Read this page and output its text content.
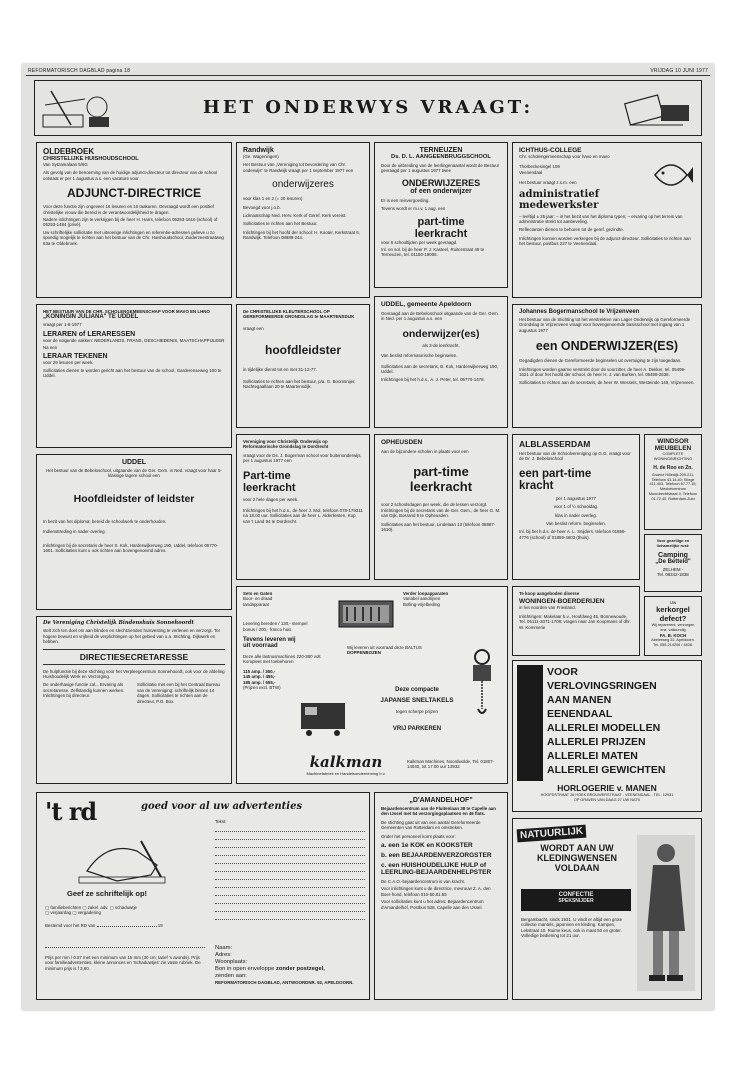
REFORMATORISCH DAGBLAD pagina 18	VRIJDAG 10 JUNI 1977
HET ONDERWYS VRAAGT:
OLDEBROEK
CHRISTELIJKE HUISHOUDSCHOOL
Van Sytzamalaan 5/6G

Als gevolg van de benoeming van de huidige adjunct-directeur tot directeur van de school ontstaat er per 1 augustus a.s. een vacature voor

ADJUNCT-DIRECTRICE

Voor deze functie zijn ongeveer 16 lesuren en 10 taakuren. Gevraagd wordt een positief christelijke vrouw die bereid is de verantwoordelijkheid te dragen.

Nadere inlichtingen zijn te verkrijgen bij de heer H. Harrs, telefoon 05253-1616 (school) of 05253-1484 (privé).

Uw schriftelijke sollicitatie met uitvoerige inlichtingen en referentie-adressen gelieve u zo spoedig mogelijk te richten aan het bestuur van de Chr. Huishoudschool, Zuiderzeestraatweg 63a te Oldebroek.

HET BESTUUR VAN DE CHR. SCHOLENGEMEENSCHAP VOOR MAVO EN LHNO
„KONINGIN JULIANA" TE UDDEL
vraagt per 1-8-1977
LERAREN of LERARESSEN

voor de volgende vakken: NEDERLANDS, FRANS, GESCHIEDENIS, MAATSCHAPPIJLEER

Na een
LERAAR TEKENEN

voor 29 lesuren per week.

Sollicitaties dienen te worden gericht aan het bestuur van de school, Garderenseweg 100 te Uddel.

UDDEL

Het bestuur van de Bebeloschool, uitgaande van de Ger. Gem. in Ned. vraagt voor haar 5-klassige lagere school een

Hoofdleidster of leidster

In bezit van het diploma; bereid de schoolwerk te onderhouden.

Indiensttreding in nader overleg.

Inlichtingen bij de secretaris de heer S. Kok, Harderwijkerweg 190, Uddel, telefoon 05770-1601. Sollicitaties kunt u ook richten aan bovengenoemd adres.

De Vereniging Christelijk Bindenshuis Sonnehoordt

stelt zich ten doel om aan blinden en slechtzienden huisvesting te verlenen en verzorgt. Ter hogere bewust en vrijheid de verplichtingen op het gebied van o.a. Stichting, Dijkwerk en hebben.

DIRECTIESECRETARESSE

De hulpfunctie bij deze stichting voor het Verpleegcentrum Sonnehoordt, ook voor de afdeling Huishoudelijk Werk en Verzorging.

De onderhavige functie zal... Ervaring als secretaresse. Zelfstandig kunnen werken. Inlichtingen bij directeur.

Sollicitatie met een bij het Centraal Bureau van de Vereniging: schriftelijk binnen 14 dagen. Sollicitaties te richten aan de directeur, P.O. Box.

Randwijk
(Ge. Wageningen)

Het Bestuur van „Vereniging tot bevordering van Chr. onderwijs" te Randwijk vraagt per 1 september 1977 een

onderwijzeres

voor klas 1 en 2 (= 20 lesuren)

Bevoegd voor j.o.b.

Lidmaatschap Ned. Herv. Kerk of Geref. Kerk vereist.

Sollicitaties te richten aan het Bestuur.

Inlichtingen bij het hoofd der school: H. Kooter, Kerkstraat 6, Randwijk. Telefoon 08889-244.

De CHRISTELIJKE KLEUTERSCHOOL OP GEREFORMEERDE GRONDSLAG te MAARTENSDIJK
vraagt een
hoofdleidster

in tijdelijke dienst tot en met 31-12-77.

Sollicitaties te richten aan het bestuur, p/a. G. Boomsnijer, Nachtegaallaan 20 te Maartensdijk.

Vereniging voor Christelijk Onderwijs op Reformatorische Grondslag te Dordrecht

vraagt voor de Ds. J. Bogerman school voor buitenonderwijs, per 1 augustus 1977 een

Part-time
leerkracht

voor 2 hele dagen per week.

Inlichtingen bij het h.d.s., de heer J. Mol, telefoon 078-179311 na 18.00 uur. Sollicitaties aan de heer L. Alderliesten, Kop van 't Land 94 te Dordrecht.

TERNEUZEN
Ds. D. L. AANGEENBRUGGSCHOOL

Door de uitbreiding van de leerlingenaantal wordt de Bestuur gevraagd per 1 augustus 1977 twee

ONDERWIJZERES
of een onderwijzer

Er is een reisvergoeding.

Tevens wordt er m.i.v. 1 aug. een

part-time
leerkracht

voor 6 schooltijden per week gevraagd.

Inl. en sol. bij de heer P. J. Kasteel, Ruiterstraat 48 te Terneuzen, tel. 01150-19006.

UDDEL, gemeente Apeldoorn

Gevraagd aan de Bebeloschool uitgaande van de Ger. Gem. in Ned. per 1 augustus a.s. een

onderwijzer(es)

als 3-de leerkracht.

Van beslist reformatorische beginselen.

Sollicitaties aan de secretaris, B. Kok, Harderwijkerweg 190, Uddel.

Inlichtingen bij het h.d.s., A. J. Peter, tel. 05770-1478.

OPHEUSDEN

Aan de bijzondere scholen in plaats voor een

part-time
leerkracht

voor 2 schoolsdagen per week, die de lessen verzorgt. Inlichtingen bij de secretaris van de Ger. Gem., de heer G. M. van Dijk, Bosrand 9 te Opheusden.

Sollicitaties aan het bestuur, Lindelaan 13 (telefoon 08887-1610).

Sets en Gaten
Boor- en draad
tandapparaat
Levering bereden / 130,- stempel
bonus / 200,- franco huis
Tevens leveren wij
uit voorraad
Deze alle lastnusmachines 220-380 volt
Kompleet met toebehoren
115 amp. / 360,-
145 amp. / 455,-
185 amp. / 655,-
(Prijzen excl. BTW)
Verder loopapparaten
Variabel aandrijven
Bolling-vrijelbeding
Wij leveren uit voorraad deze BALTUS
DOPPENBOZEN
Deze compacte
JAPANSE SNELTAKELS
tegen scherpe prijzen
VRIJ PARKEREN
Kalkman Machines, Noordwolde, Tel. 01807-14040, tot 17.00 uur 13932
kalkman
Machinefabriek en Handelsonderneming b.v.
ICHTHUS-COLLEGE
Chr. scholengemeenschap voor havo en mavo
Thorbeckesingel 109
Veenendaal
Het bestuur vraagt z.s.m. een
administratief
medewerkster

– leeftijd ± 25 jaar; – in het bezit van het diploma typen; – ervaring op het terrein van administratie strekt tot aanbeveling.

Reflectanten dienen te behoren tot de geref. gezindte.

Inlichtingen kunnen worden verkregen bij de adjunct-directeur. Sollicitaties te richten aan het bestuur, postbus 227 te Veenendaal.

Johannes Bogermanschool te Vrijzenveen

Het bestuur van de Stichting tot het verstrekken van Lager Onderwijs op Gereformeerde Grondslag te Vrijzenveen vraagt voor bovengenoemde basisschool met ingang van 1 augustus 1977

een ONDERWIJZER(ES)

Gegadigden dienen de Gereformeerde beginselen uit overtuiging te zijn toegedaan.

Inlichtingen worden gaarne verstrekt door de voorzitter, de heer A. Dekker, tel. 05499-1621 of door het hoofd der school, de heer H. J. van Burken, tel. 05499-2638.

Sollicitaties te richten aan de secretaris, de heer W. Wessels, Westeinde 149, Vrijzenveen.

ALBLASSERDAM

Het bestuur van de Schoolvereniging op G.G. vraagt voor de Dr. J. Bebeloschool

een part-time
kracht

per 1 augustus 1977

voor 1 of ½ schooldag.

klas in nader overleg.

Van beslist reform. beginselen.

Inl. bij het h.d.s. de heer A. L. Snijders, telefoon 01859-4776 (school) of 01859-4603 (thuis).

WINDSOR
MEUBELEN
COMPLETE WONINGINRICHTING
H. de Roo en Zn.

Groene Hilledijk 209-211, Telefoon 43.14.40; Slinge 411-403, Telefoon 67.77.15; Meubelcentrum Moordrechtstraat 4, Telefoon 01.72.40, Rotterdam-Zuid

Voor gezellige en lichamelijke rust:
Camping
„De Betteld"
ZELHEM -
Tel. 08342-1838
Te koop aangeboden diverse
WONINGEN-BOERDERIJEN
in het noorden van Friesland.

Inlichtingen: Makelaar b.v., Hoofdweg 45, Bonnewoude, Tel. 05111-2071-1708; vragen naar Jan Koopmans of dhr. W. Kommerie

Uw
kerkorgel
defect?

Wij reparerent, verzorgen enz. vakkundig

FA. B. KOCH

Abelerweg 22, Apeldoorn. Tel. 055-214206 / 4408.

VOOR
VERLOVINGSRINGEN
AAN MANEN
EENENDAAL
ALLERLEI MODELLEN
ALLERLEI PRIJZEN
ALLERLEI MATEN
ALLERLEI GEWICHTEN
HORLOGERIE v. MANEN
HOOFDSTRAAT 26 HOEK BROUWERSTRAAT - VEENENDAAL - TEL. 12931
OP GRAVEN VAN DAAG 27 UW NATS
't rd	goed voor al uw advertenties
Geef ze schriftelijk op!
▢ familieberichten ▢ zakel. adv. ▢ schaduwtje
▢ verjaardag ▢ vergadering
Bestemd voor het RD van	19

Prijs per mm / 0.57 met een minimum van 15 mm (30 cm; tarief 's avonds). Prijs voor familieadvertenties, kleine annonces en 'Schaduwtjes' zie vaste rubriek. De minimum prijs is f 3,60.

Tekst:
Naam:
Adres:
Woonplaats:
Bon in open enveloppe zonder postzegel,
zenden aan:
REFORMATORISCH DAGBLAD, ANTWOORDNR. 92, APELDOORN.
„D'AMANDELHOF"

Bejaardencentrum aan de Fluitenlaan 38 te Capelle aan den IJssel met 54 verzorgingsplaatsen en 46 flats.

De stichting gaat uit van een aantal Gereformeerde Gemeenten van Rotterdam en omstreken.

Onder het personeel komt plaats voor:

a. een 1e KOK en KOOKSTER
b. een BEJAARDENVERZORGSTER
c. een HUISHOUDELIJKE HULP of LEERLING-BEJAARDENHELPSTER

De C.A.O.-bejaardencentrum is van kracht.

Voor inlichtingen kunt u de directrice, mevrouw Z. A. den Boer-hond, telefoon 010-50.81.55

Voor sollicitaties kunt u het adres: Bejaardencentrum d'Amandelhof, Postbus 528, Capelle aan den IJssel.

NATUURLIJK
WORDT AAN UW
KLEDINGWENSEN
VOLDAAN
CONFECTIE
SPEKSNIJDER

Bergambacht, sinds 1931. U vindt er altijd een grote collectie mantels, japonnen en kleding. Kampen, Lekstraat 10. Ruime keus, ook in maat 50 en groter. Volledige bediening tot 21 uur.
